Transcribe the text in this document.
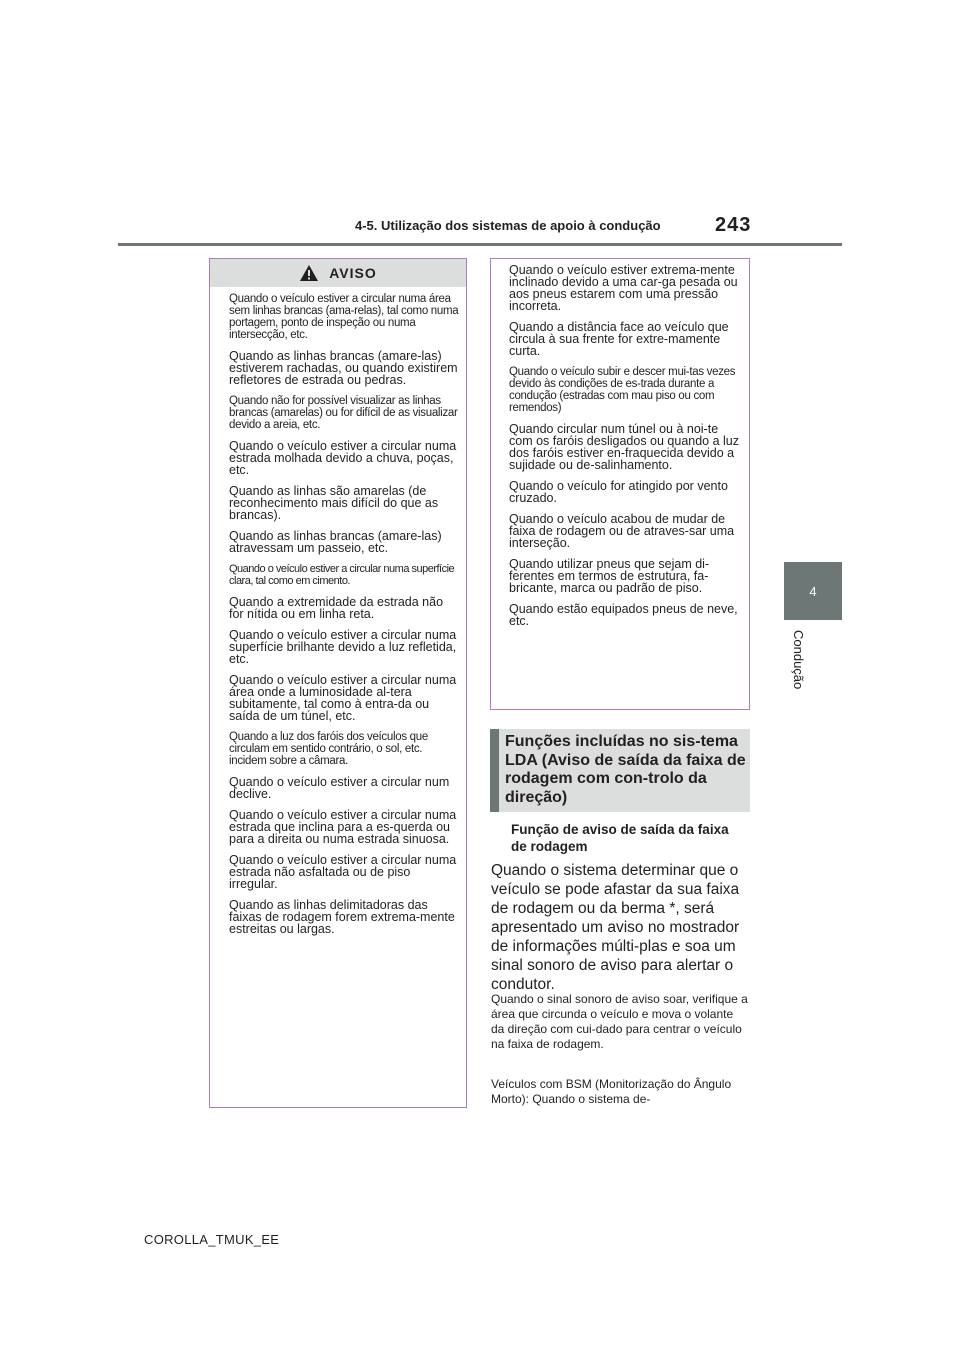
4-5. Utilização dos sistemas de apoio à condução	243
4
Condução
AVISO

Quando o veículo estiver a circular numa área sem linhas brancas (ama-relas), tal como numa portagem, ponto de inspeção ou numa intersecção, etc.

Quando as linhas brancas (amare-las) estiverem rachadas, ou quando existirem refletores de estrada ou pedras.

Quando não for possível visualizar as linhas brancas (amarelas) ou for difícil de as visualizar devido a areia, etc.

Quando o veículo estiver a circular numa estrada molhada devido a chuva, poças, etc.

Quando as linhas são amarelas (de reconhecimento mais difícil do que as brancas).

Quando as linhas brancas (amare-las) atravessam um passeio, etc.

Quando o veículo estiver a circular numa superfície clara, tal como em cimento.

Quando a extremidade da estrada não for nítida ou em linha reta.

Quando o veículo estiver a circular numa superfície brilhante devido a luz refletida, etc.

Quando o veículo estiver a circular numa área onde a luminosidade al-tera subitamente, tal como à entra-da ou saída de um túnel, etc.

Quando a luz dos faróis dos veículos que circulam em sentido contrário, o sol, etc. incidem sobre a câmara.

Quando o veículo estiver a circular num declive.

Quando o veículo estiver a circular numa estrada que inclina para a es-querda ou para a direita ou numa estrada sinuosa.

Quando o veículo estiver a circular numa estrada não asfaltada ou de piso irregular.

Quando as linhas delimitadoras das faixas de rodagem forem extrema-mente estreitas ou largas.

Quando o veículo estiver extrema-mente inclinado devido a uma car-ga pesada ou aos pneus estarem com uma pressão incorreta.

Quando a distância face ao veículo que circula à sua frente for extre-mamente curta.

Quando o veículo subir e descer mui-tas vezes devido às condições de es-trada durante a condução (estradas com mau piso ou com remendos)

Quando circular num túnel ou à noi-te com os faróis desligados ou quando a luz dos faróis estiver en-fraquecida devido a sujidade ou de-salinhamento.

Quando o veículo for atingido por vento cruzado.

Quando o veículo acabou de mudar de faixa de rodagem ou de atraves-sar uma interseção.

Quando utilizar pneus que sejam di-ferentes em termos de estrutura, fa-bricante, marca ou padrão de piso.

Quando estão equipados pneus de neve, etc.

Funções incluídas no sis-tema LDA (Aviso de saída da faixa de rodagem com con-trolo da direção)
Função de aviso de saída da faixa de rodagem

Quando o sistema determinar que o veículo se pode afastar da sua faixa de rodagem ou da berma *, será apresentado um aviso no mostrador de informações múlti-plas e soa um sinal sonoro de aviso para alertar o condutor.

Quando o sinal sonoro de aviso soar, verifique a área que circunda o veículo e mova o volante da direção com cui-dado para centrar o veículo na faixa de rodagem.

Veículos com BSM (Monitorização do Ângulo Morto): Quando o sistema de-

COROLLA_TMUK_EE
